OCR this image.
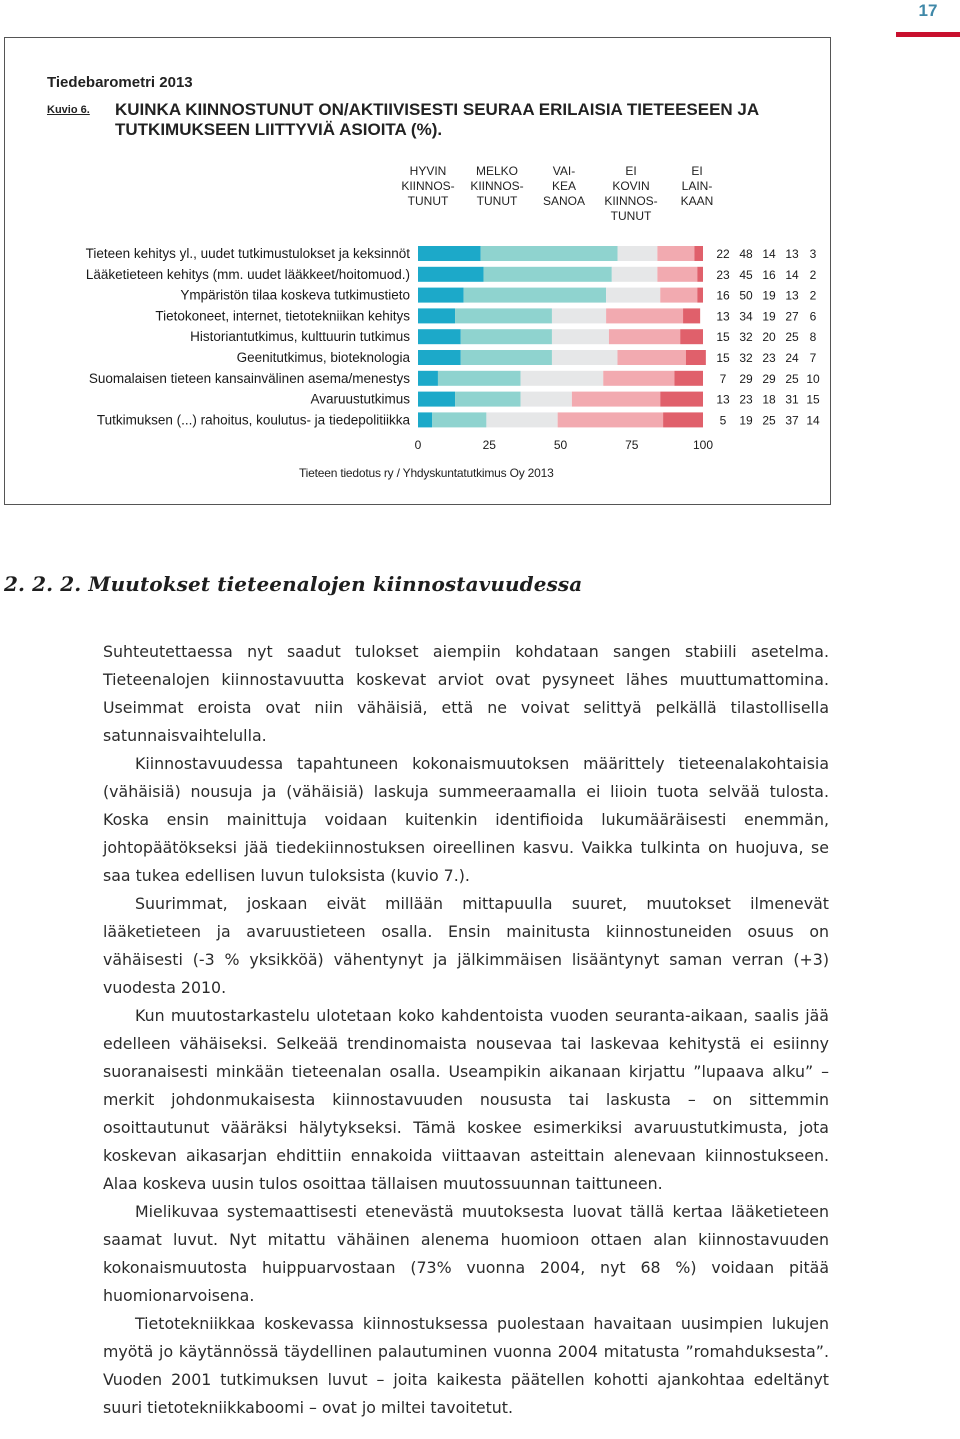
17
Tiedebarometri 2013
Kuvio 6. KUINKA KIINNOSTUNUT ON/AKTIIVISESTI SEURAA ERILAISIA TIETEESEEN JA TUTKIMUKSEEN LIITTYVIÄ ASIOITA (%).
HYVIN KIINNOS-TUNUT
MELKO KIINNOS-TUNUT
VAI-KEA SANOA
EI KOVIN KIINNOS-TUNUT
EI LAIN-KAAN
Tieteen kehitys yl., uudet tutkimustulokset ja keksinnöt	22 48 14 13 3
Lääketieteen kehitys (mm. uudet lääkkeet/hoitomuod.)	23 45 16 14 2
Ympäristön tilaa koskeva tutkimustieto	16 50 19 13 2
Tietokoneet, internet, tietotekniikan kehitys	13 34 19 27 6
Historiantutkimus, kulttuurin tutkimus	15 32 20 25 8
Geenitutkimus, bioteknologia	15 32 23 24 7
Suomalaisen tieteen kansainvälinen asema/menestys	7 29 29 25 10
Avaruustutkimus	13 23 18 31 15
Tutkimuksen (...) rahoitus, koulutus- ja tiedepolitiikka	5 19 25 37 14
0	25	50	75	100
Tieteen tiedotus ry / Yhdyskuntatutkimus Oy 2013
2. 2. 2. Muutokset tieteenalojen kiinnostavuudessa

Suhteutettaessa nyt saadut tulokset aiempiin kohdataan sangen stabiili asetelma. Tieteenalojen kiinnostavuutta koskevat arviot ovat pysyneet lähes muuttumattomina. Useimmat eroista ovat niin vähäisiä, että ne voivat selittyä pelkällä tilastollisella satunnaisvaihtelulla.

Kiinnostavuudessa tapahtuneen kokonaismuutoksen määrittely tieteenalakohtaisia (vähäisiä) nousuja ja (vähäisiä) laskuja summeeraamalla ei liioin tuota selvää tulosta. Koska ensin mainittuja voidaan kuitenkin identifioida lukumääräisesti enemmän, johtopäätökseksi jää tiedekiinnostuksen oireellinen kasvu. Vaikka tulkinta on huojuva, se saa tukea edellisen luvun tuloksista (kuvio 7.).

Suurimmat, joskaan eivät millään mittapuulla suuret, muutokset ilmenevät lääketieteen ja avaruustieteen osalla. Ensin mainitusta kiinnostuneiden osuus on vähäisesti (-3 % yksikköä) vähentynyt ja jälkimmäisen lisääntynyt saman verran (+3) vuodesta 2010.

Kun muutostarkastelu ulotetaan koko kahdentoista vuoden seuranta-aikaan, saalis jää edelleen vähäiseksi. Selkeää trendinomaista nousevaa tai laskevaa kehitystä ei esiinny suoranaisesti minkään tieteenalan osalla. Useampikin aikanaan kirjattu ”lupaava alku” – merkit johdonmukaisesta kiinnostavuuden noususta tai laskusta – on sittemmin osoittautunut vääräksi hälytykseksi. Tämä koskee esimerkiksi avaruustutkimusta, jota koskevan aikasarjan ehdittiin ennakoida viittaavan asteittain alenevaan kiinnostukseen. Alaa koskeva uusin tulos osoittaa tällaisen muutossuunnan taittuneen.

Mielikuvaa systemaattisesti etenevästä muutoksesta luovat tällä kertaa lääketieteen saamat luvut. Nyt mitattu vähäinen alenema huomioon ottaen alan kiinnostavuuden kokonaismuutosta huippuarvostaan (73% vuonna 2004, nyt 68 %) voidaan pitää huomionarvoisena.

Tietotekniikkaa koskevassa kiinnostuksessa puolestaan havaitaan uusimpien lukujen myötä jo käytännössä täydellinen palautuminen vuonna 2004 mitatusta ”romahduksesta”. Vuoden 2001 tutkimuksen luvut – joita kaikesta päätellen kohotti ajankohtaa edeltänyt suuri tietotekniikkaboomi – ovat jo miltei tavoitetut.
